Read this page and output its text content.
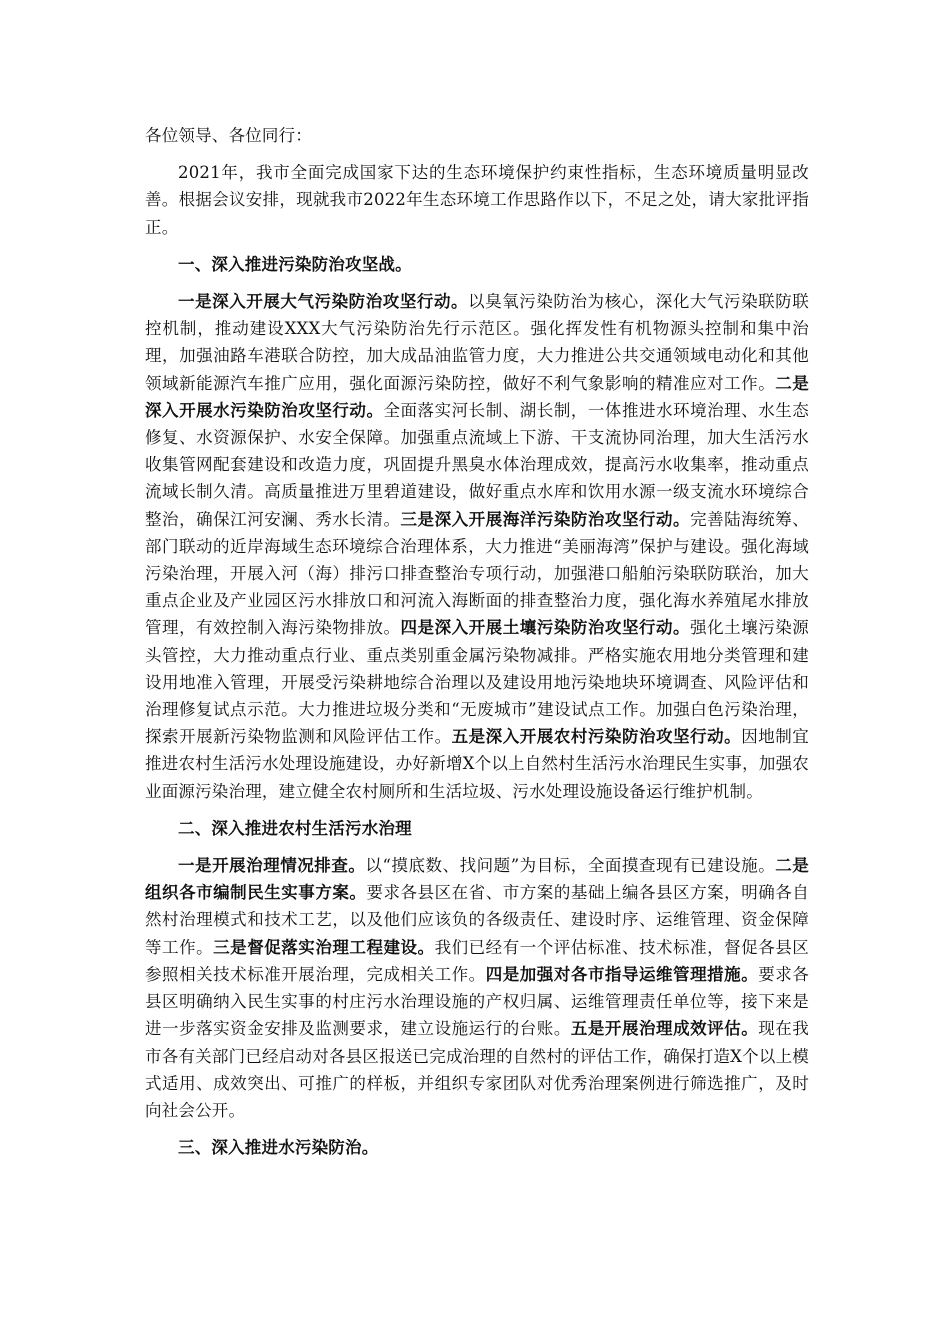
各位领导、各位同行：

2021年，我市全面完成国家下达的生态环境保护约束性指标，生态环境质量明显改善。根据会议安排，现就我市2022年生态环境工作思路作以下，不足之处，请大家批评指正。

一、深入推进污染防治攻坚战。

一是深入开展大气污染防治攻坚行动。以臭氧污染防治为核心，深化大气污染联防联控机制，推动建设XXX大气污染防治先行示范区。强化挥发性有机物源头控制和集中治理，加强油路车港联合防控，加大成品油监管力度，大力推进公共交通领域电动化和其他领域新能源汽车推广应用，强化面源污染防控，做好不利气象影响的精准应对工作。二是深入开展水污染防治攻坚行动。全面落实河长制、湖长制，一体推进水环境治理、水生态修复、水资源保护、水安全保障。加强重点流域上下游、干支流协同治理，加大生活污水收集管网配套建设和改造力度，巩固提升黑臭水体治理成效，提高污水收集率，推动重点流域长制久清。高质量推进万里碧道建设，做好重点水库和饮用水源一级支流水环境综合整治，确保江河安澜、秀水长清。三是深入开展海洋污染防治攻坚行动。完善陆海统筹、部门联动的近岸海域生态环境综合治理体系，大力推进“美丽海湾”保护与建设。强化海域污染治理，开展入河（海）排污口排查整治专项行动，加强港口船舶污染联防联治，加大重点企业及产业园区污水排放口和河流入海断面的排查整治力度，强化海水养殖尾水排放管理，有效控制入海污染物排放。四是深入开展土壤污染防治攻坚行动。强化土壤污染源头管控，大力推动重点行业、重点类别重金属污染物减排。严格实施农用地分类管理和建设用地准入管理，开展受污染耕地综合治理以及建设用地污染地块环境调查、风险评估和治理修复试点示范。大力推进垃圾分类和“无废城市”建设试点工作。加强白色污染治理，探索开展新污染物监测和风险评估工作。五是深入开展农村污染防治攻坚行动。因地制宜推进农村生活污水处理设施建设，办好新增X个以上自然村生活污水治理民生实事，加强农业面源污染治理，建立健全农村厕所和生活垃圾、污水处理设施设备运行维护机制。

二、深入推进农村生活污水治理

一是开展治理情况排查。以“摸底数、找问题”为目标，全面摸查现有已建设施。二是组织各市编制民生实事方案。要求各县区在省、市方案的基础上编各县区方案，明确各自然村治理模式和技术工艺，以及他们应该负的各级责任、建设时序、运维管理、资金保障等工作。三是督促落实治理工程建设。我们已经有一个评估标准、技术标准，督促各县区参照相关技术标准开展治理，完成相关工作。四是加强对各市指导运维管理措施。要求各县区明确纳入民生实事的村庄污水治理设施的产权归属、运维管理责任单位等，接下来是进一步落实资金安排及监测要求，建立设施运行的台账。五是开展治理成效评估。现在我市各有关部门已经启动对各县区报送已完成治理的自然村的评估工作，确保打造X个以上模式适用、成效突出、可推广的样板，并组织专家团队对优秀治理案例进行筛选推广，及时向社会公开。

三、深入推进水污染防治。
